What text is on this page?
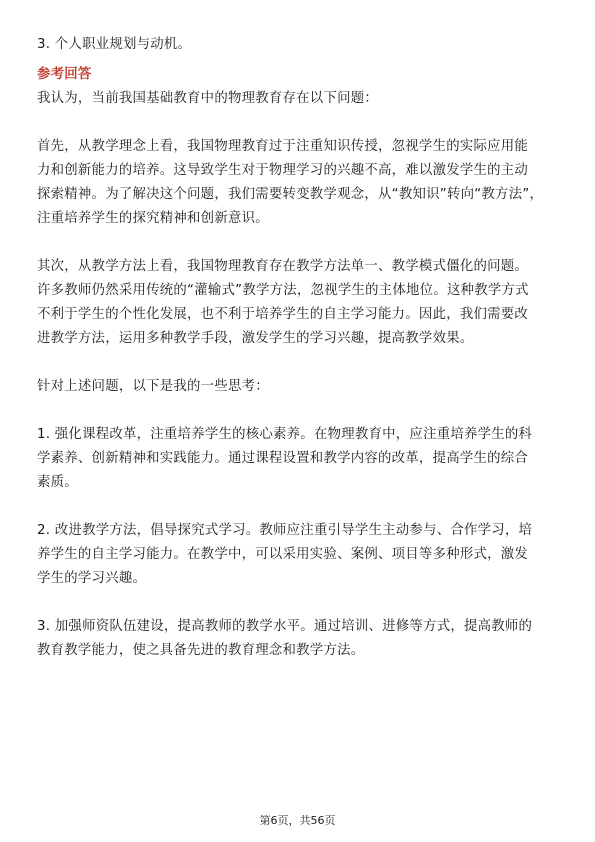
3. 个人职业规划与动机。

参考回答

我认为，当前我国基础教育中的物理教育存在以下问题：

首先，从教学理念上看，我国物理教育过于注重知识传授，忽视学生的实际应用能

力和创新能力的培养。这导致学生对于物理学习的兴趣不高，难以激发学生的主动

探索精神。为了解决这个问题，我们需要转变教学观念，从“教知识”转向“教方法”，

注重培养学生的探究精神和创新意识。

其次，从教学方法上看，我国物理教育存在教学方法单一、教学模式僵化的问题。

许多教师仍然采用传统的“灌输式”教学方法，忽视学生的主体地位。这种教学方式

不利于学生的个性化发展，也不利于培养学生的自主学习能力。因此，我们需要改

进教学方法，运用多种教学手段，激发学生的学习兴趣，提高教学效果。

针对上述问题，以下是我的一些思考：

1. 强化课程改革，注重培养学生的核心素养。在物理教育中，应注重培养学生的科

学素养、创新精神和实践能力。通过课程设置和教学内容的改革，提高学生的综合

素质。

2. 改进教学方法，倡导探究式学习。教师应注重引导学生主动参与、合作学习，培

养学生的自主学习能力。在教学中，可以采用实验、案例、项目等多种形式，激发

学生的学习兴趣。

3. 加强师资队伍建设，提高教师的教学水平。通过培训、进修等方式，提高教师的

教育教学能力，使之具备先进的教育理念和教学方法。

第6页，共56页
